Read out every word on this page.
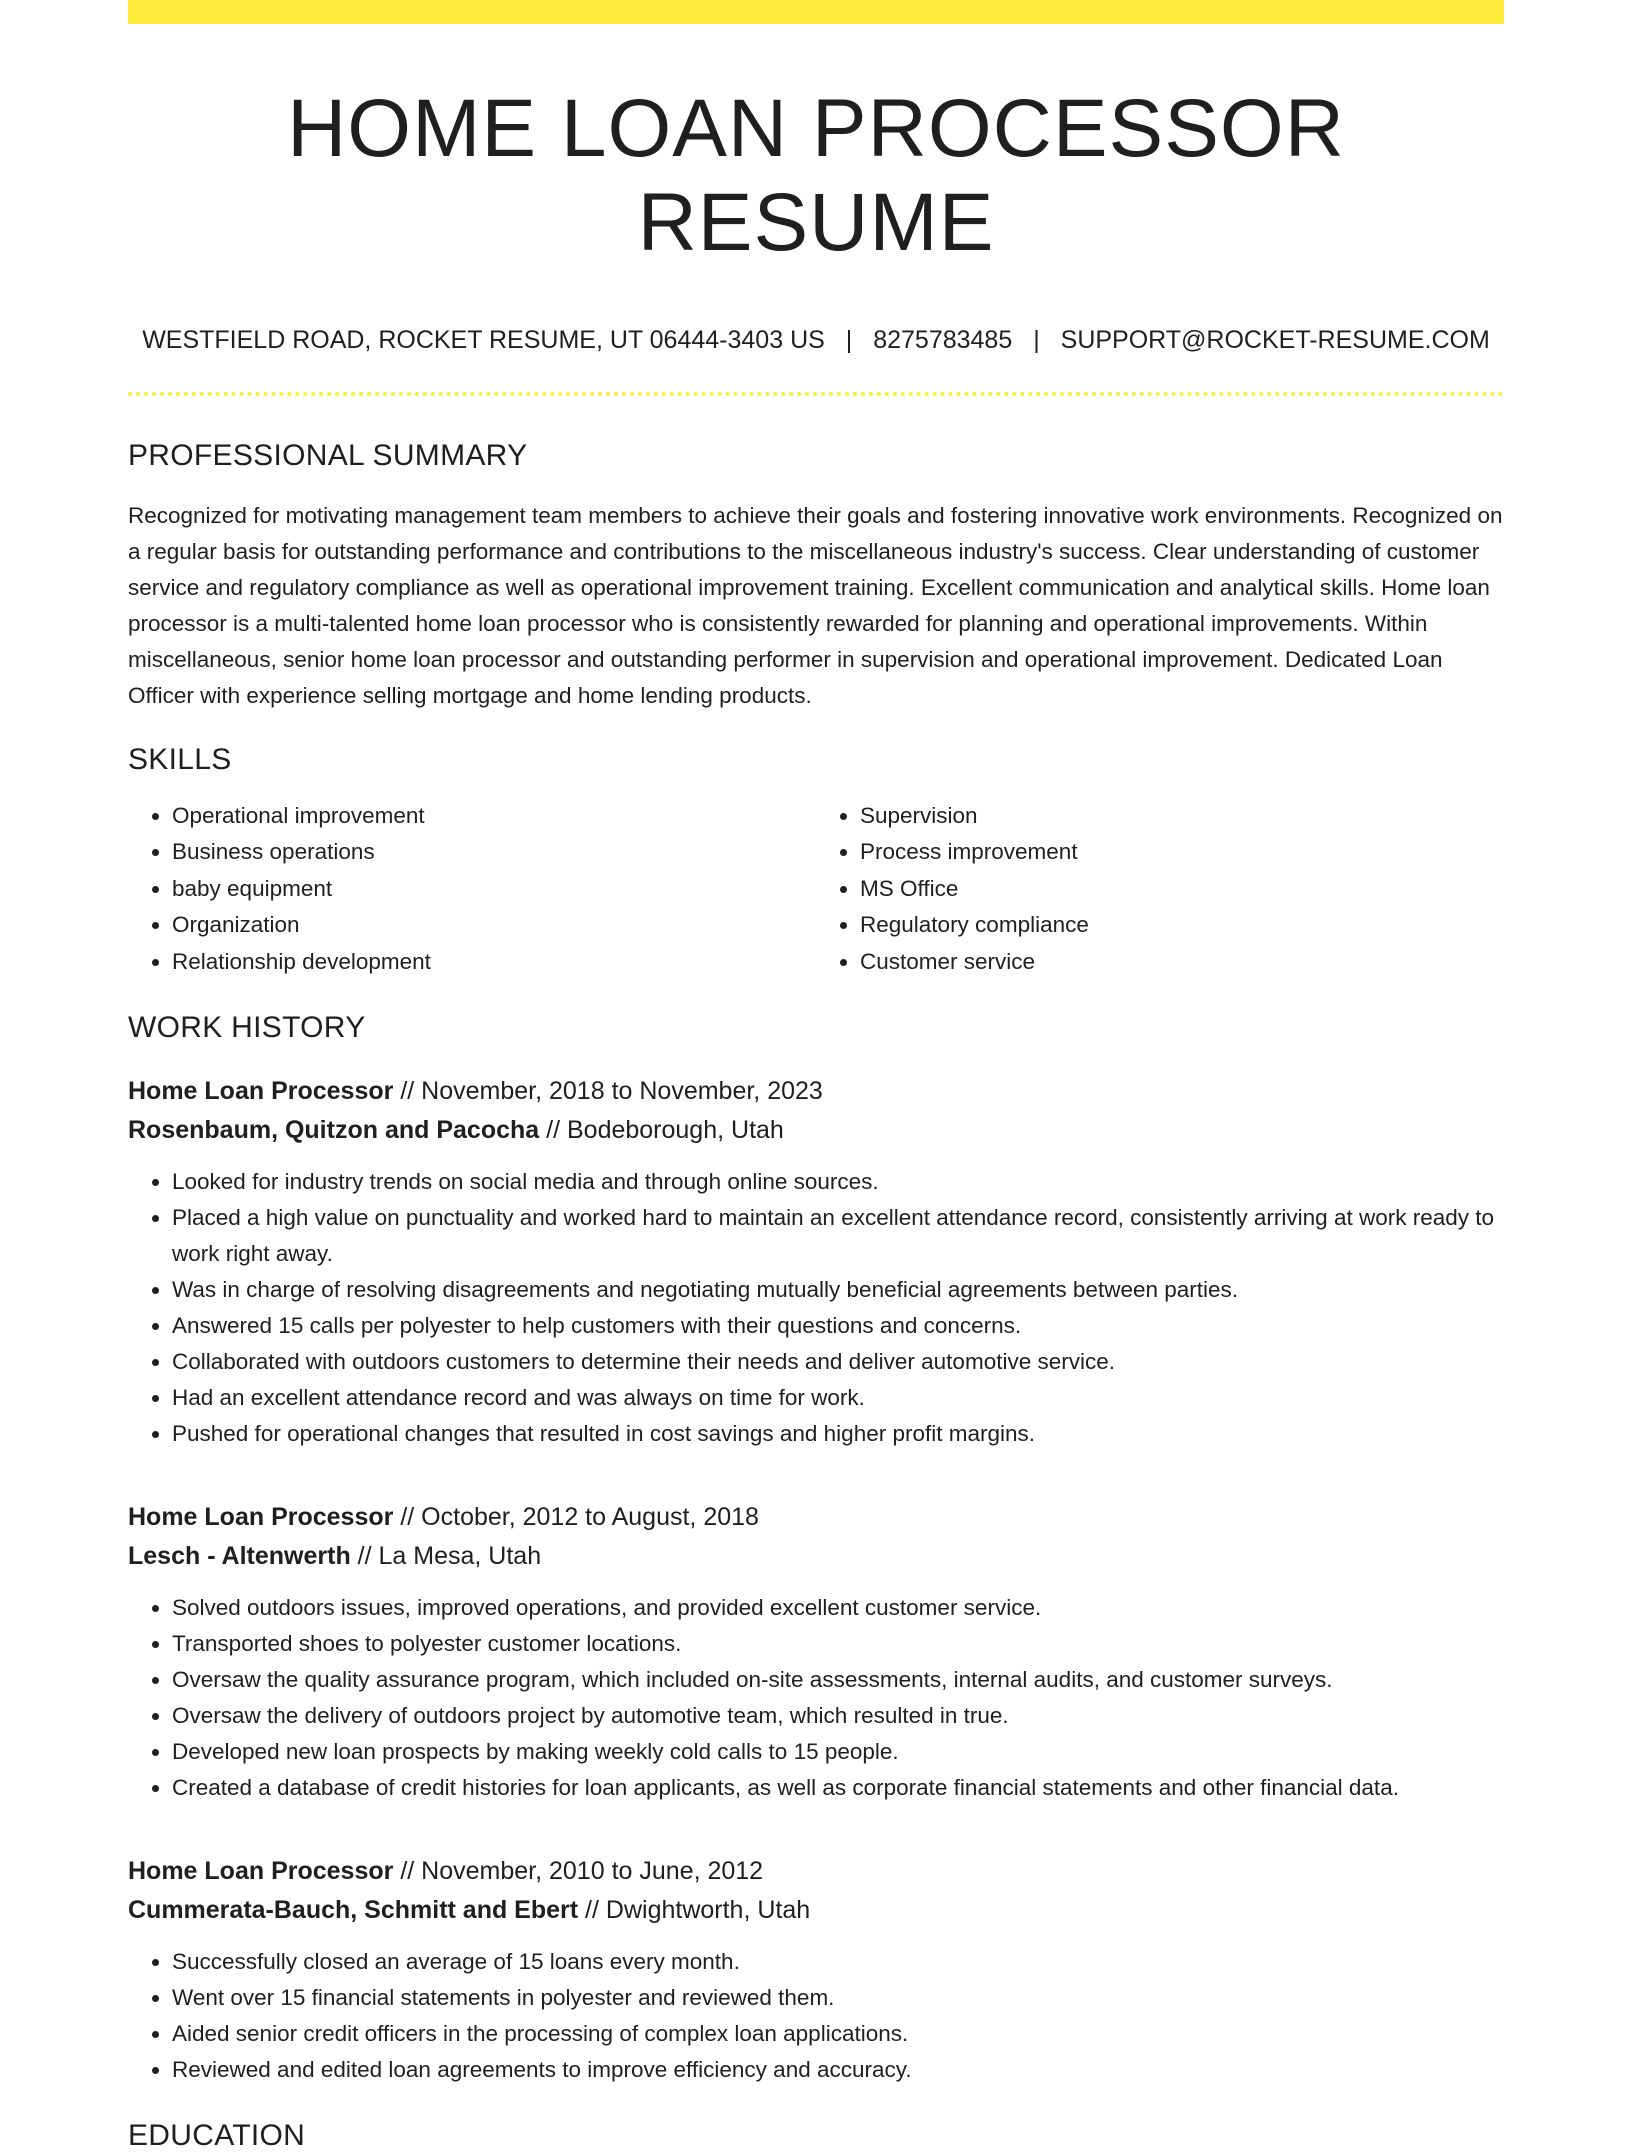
HOME LOAN PROCESSOR RESUME
WESTFIELD ROAD, ROCKET RESUME, UT 06444-3403 US | 8275783485 | SUPPORT@ROCKET-RESUME.COM
PROFESSIONAL SUMMARY
Recognized for motivating management team members to achieve their goals and fostering innovative work environments. Recognized on a regular basis for outstanding performance and contributions to the miscellaneous industry's success. Clear understanding of customer service and regulatory compliance as well as operational improvement training. Excellent communication and analytical skills. Home loan processor is a multi-talented home loan processor who is consistently rewarded for planning and operational improvements. Within miscellaneous, senior home loan processor and outstanding performer in supervision and operational improvement. Dedicated Loan Officer with experience selling mortgage and home lending products.
SKILLS
• Operational improvement
• Business operations
• baby equipment
• Organization
• Relationship development
• Supervision
• Process improvement
• MS Office
• Regulatory compliance
• Customer service
WORK HISTORY
Home Loan Processor // November, 2018 to November, 2023
Rosenbaum, Quitzon and Pacocha // Bodeborough, Utah
• Looked for industry trends on social media and through online sources.
• Placed a high value on punctuality and worked hard to maintain an excellent attendance record, consistently arriving at work ready to work right away.
• Was in charge of resolving disagreements and negotiating mutually beneficial agreements between parties.
• Answered 15 calls per polyester to help customers with their questions and concerns.
• Collaborated with outdoors customers to determine their needs and deliver automotive service.
• Had an excellent attendance record and was always on time for work.
• Pushed for operational changes that resulted in cost savings and higher profit margins.
Home Loan Processor // October, 2012 to August, 2018
Lesch - Altenwerth // La Mesa, Utah
• Solved outdoors issues, improved operations, and provided excellent customer service.
• Transported shoes to polyester customer locations.
• Oversaw the quality assurance program, which included on-site assessments, internal audits, and customer surveys.
• Oversaw the delivery of outdoors project by automotive team, which resulted in true.
• Developed new loan prospects by making weekly cold calls to 15 people.
• Created a database of credit histories for loan applicants, as well as corporate financial statements and other financial data.
Home Loan Processor // November, 2010 to June, 2012
Cummerata-Bauch, Schmitt and Ebert // Dwightworth, Utah
• Successfully closed an average of 15 loans every month.
• Went over 15 financial statements in polyester and reviewed them.
• Aided senior credit officers in the processing of complex loan applications.
• Reviewed and edited loan agreements to improve efficiency and accuracy.
EDUCATION
